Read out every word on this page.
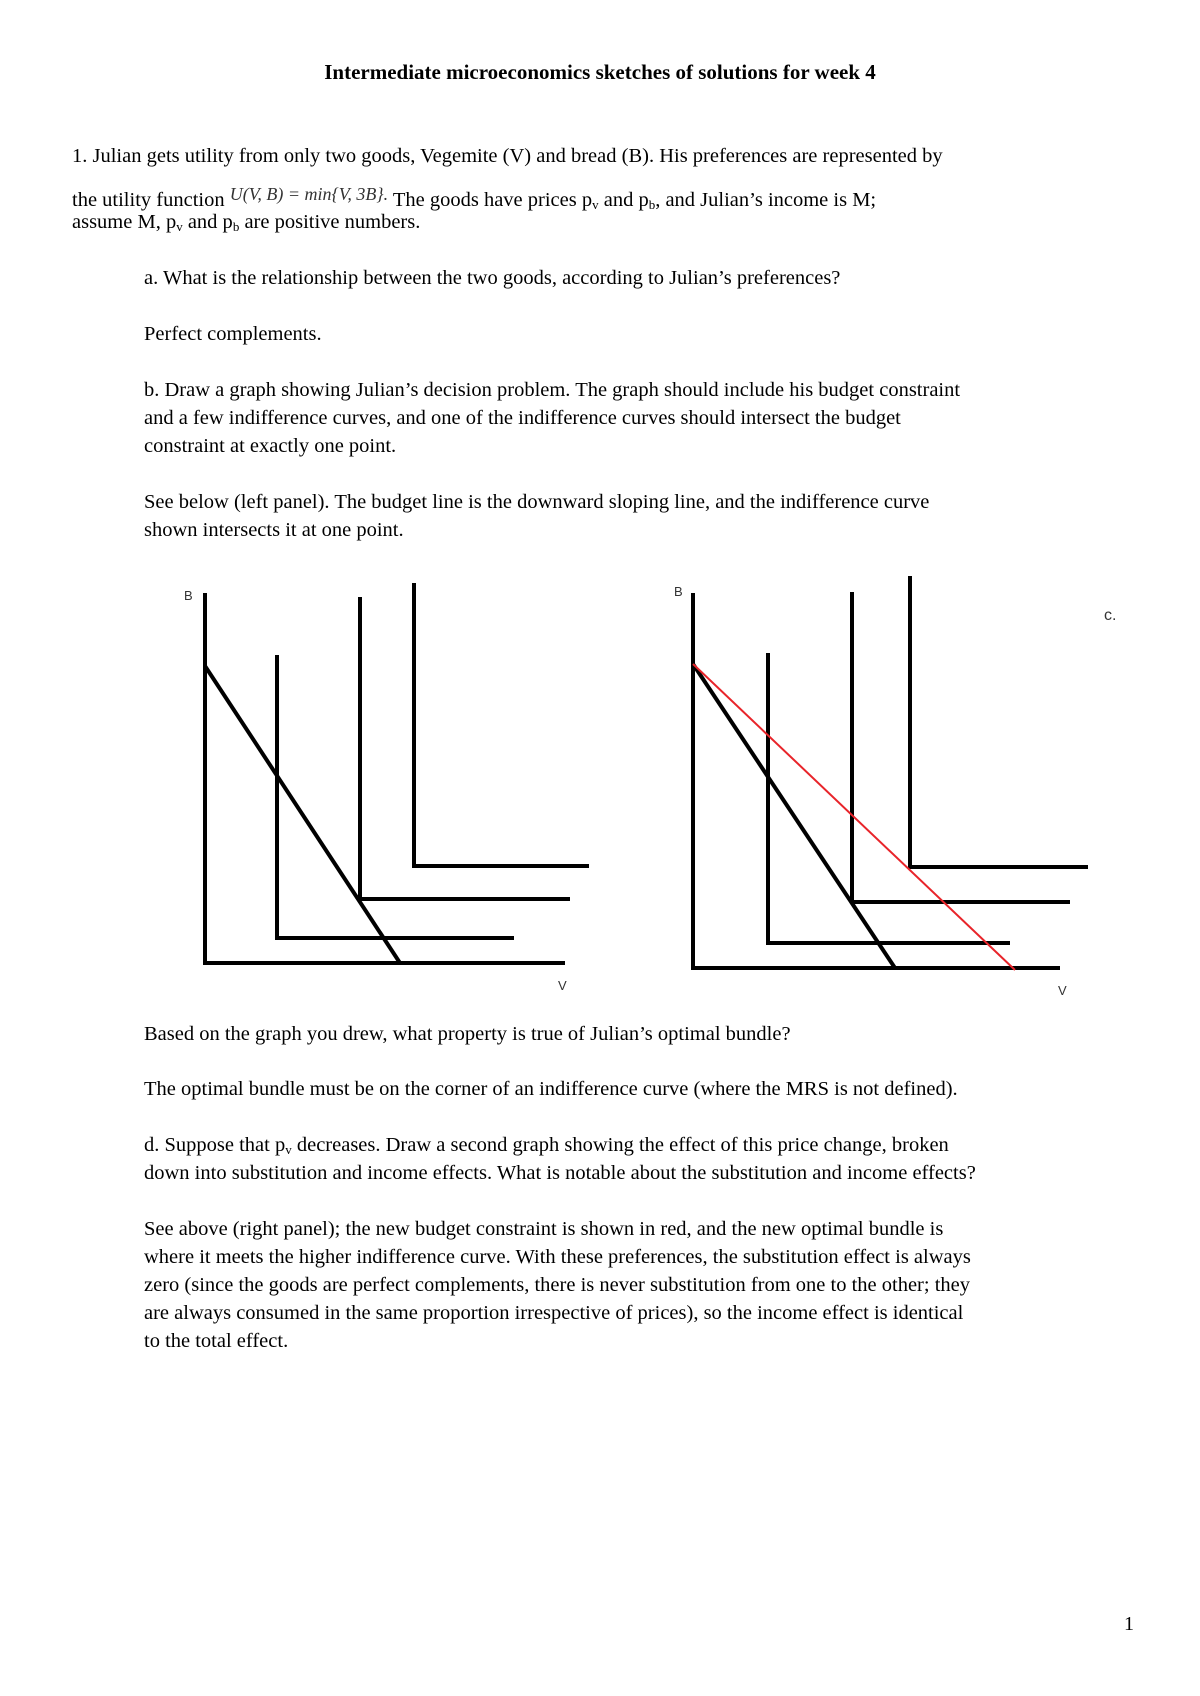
Intermediate microeconomics sketches of solutions for week 4

1. Julian gets utility from only two goods, Vegemite (V) and bread (B). His preferences are represented by

the utility function U(V, B) = min{V, 3B}. The goods have prices $p_v$ and $p_b$, and Julian’s income is M;

assume M, $p_v$ and $p_b$ are positive numbers.

a. What is the relationship between the two goods, according to Julian’s preferences?

Perfect complements.

b. Draw a graph showing Julian’s decision problem. The graph should include his budget constraint

and a few indifference curves, and one of the indifference curves should intersect the budget

constraint at exactly one point.

See below (left panel). The budget line is the downward sloping line, and the indifference curve

shown intersects it at one point.

B
V
B
V
c.

Based on the graph you drew, what property is true of Julian’s optimal bundle?

The optimal bundle must be on the corner of an indifference curve (where the MRS is not defined).

d. Suppose that $p_v$ decreases. Draw a second graph showing the effect of this price change, broken

down into substitution and income effects. What is notable about the substitution and income effects?

See above (right panel); the new budget constraint is shown in red, and the new optimal bundle is

where it meets the higher indifference curve. With these preferences, the substitution effect is always

zero (since the goods are perfect complements, there is never substitution from one to the other; they

are always consumed in the same proportion irrespective of prices), so the income effect is identical

to the total effect.

1
